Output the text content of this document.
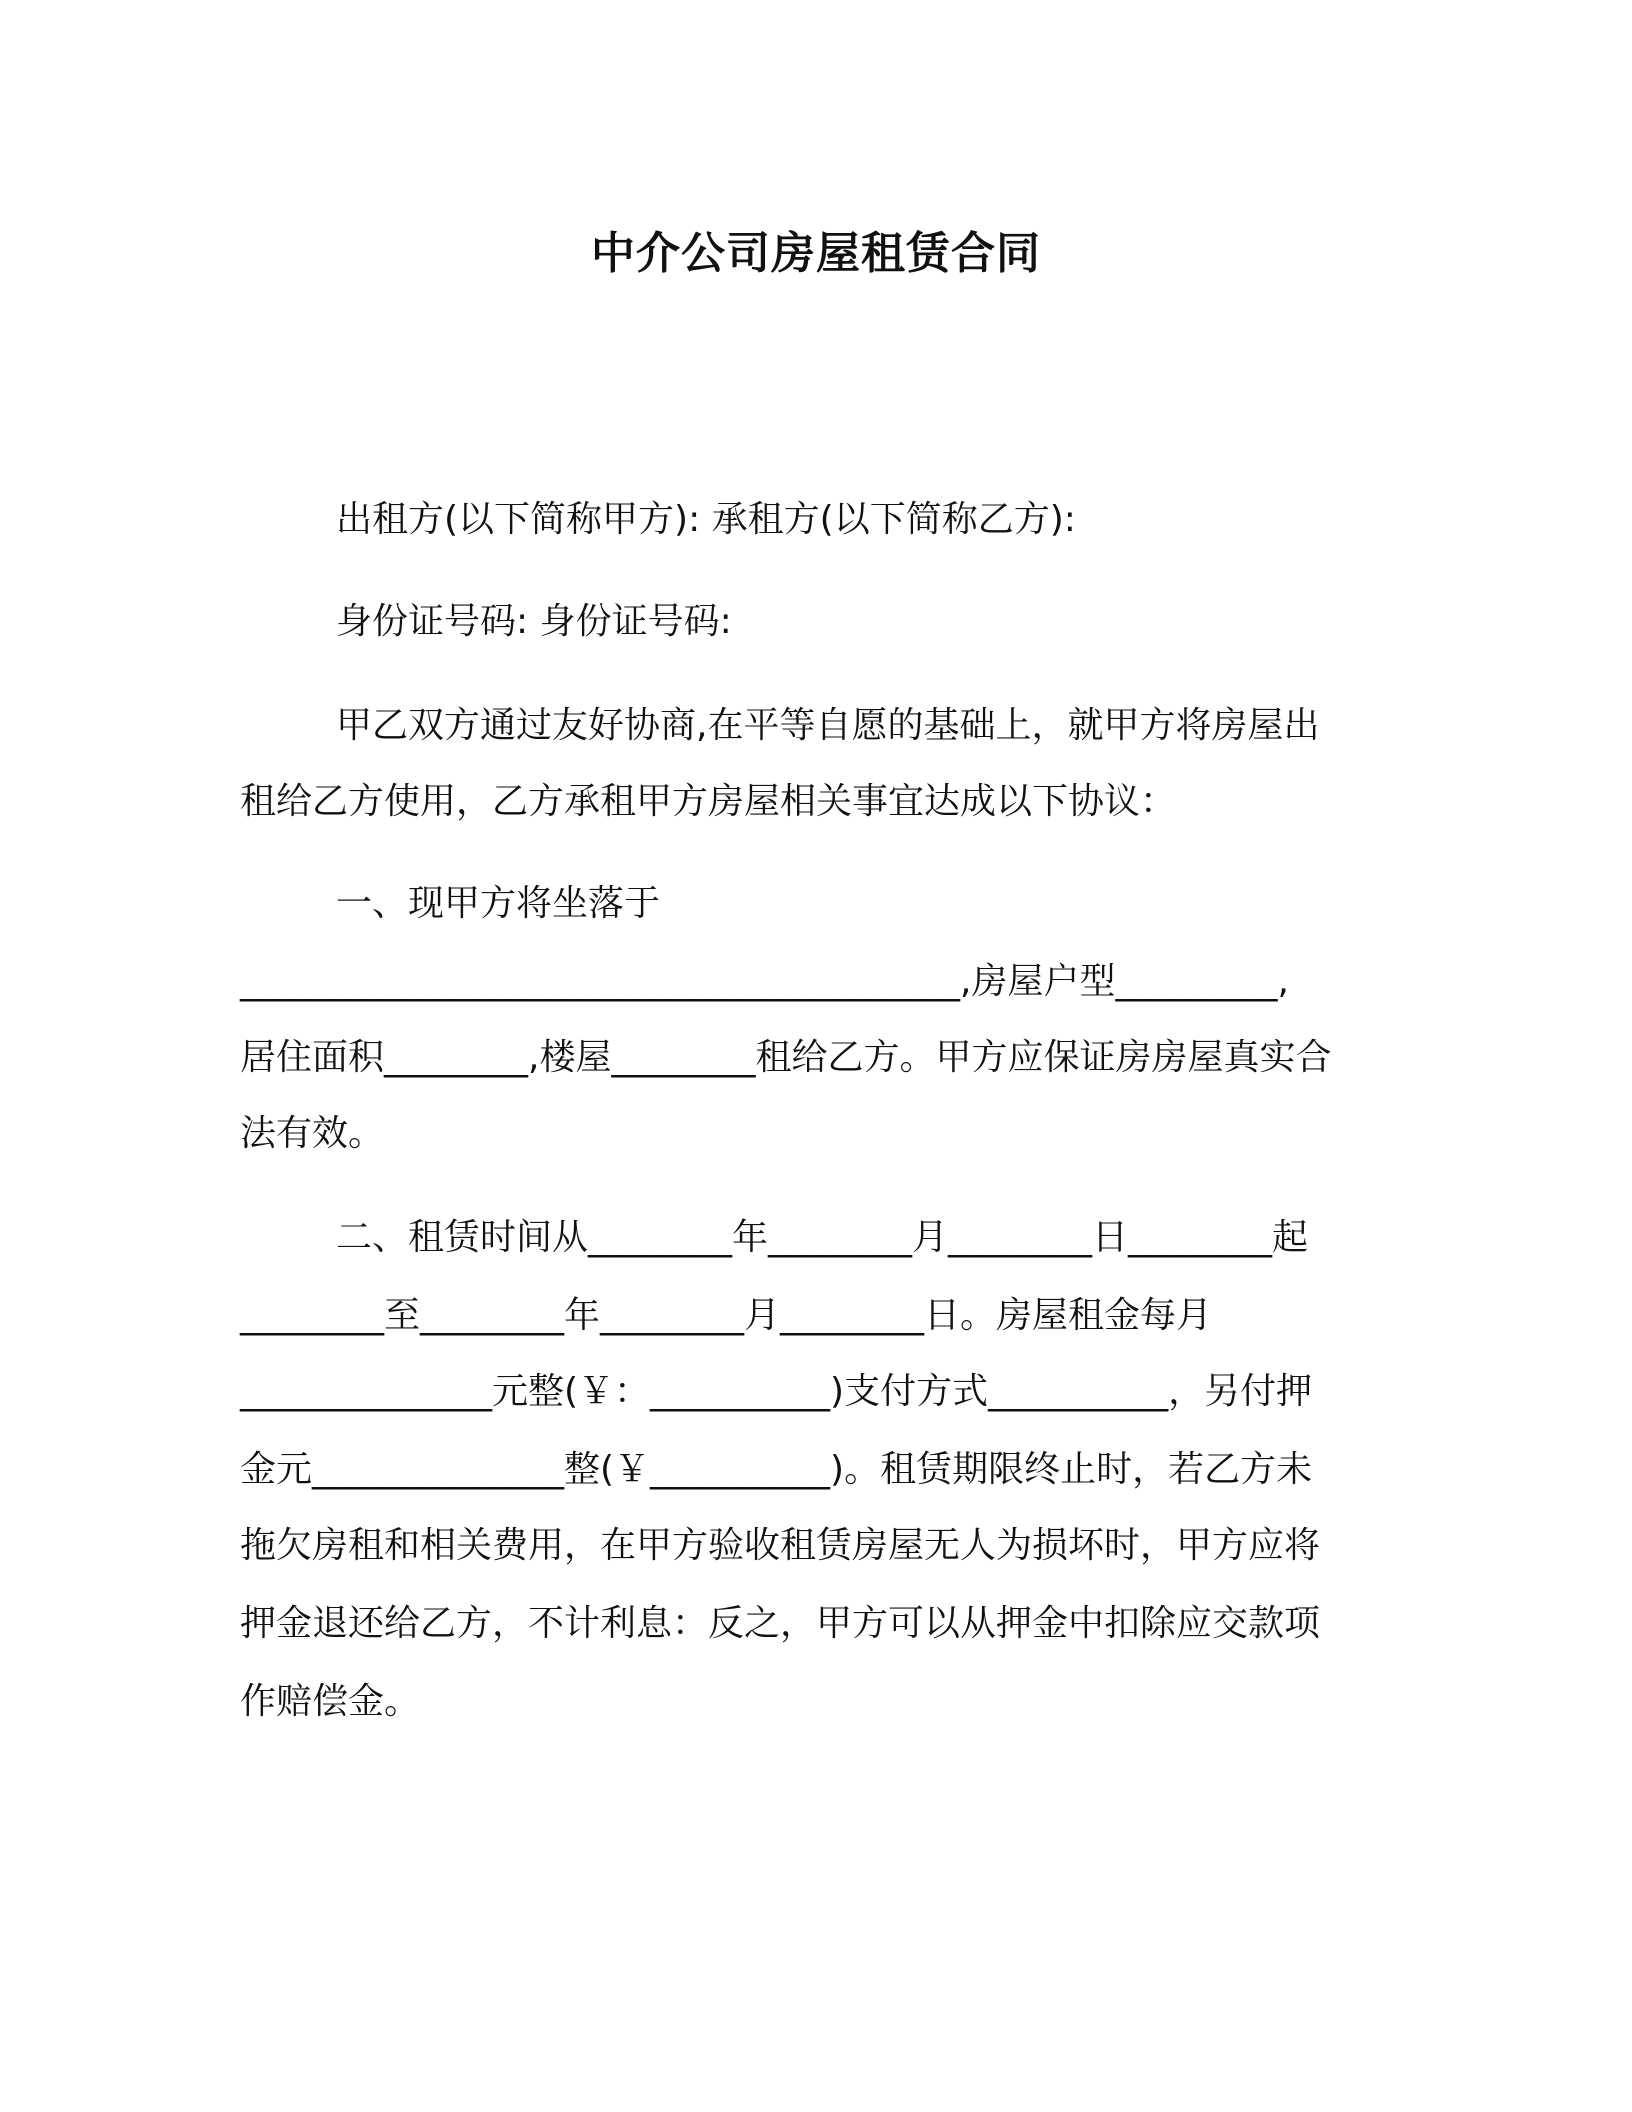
中介公司房屋租赁合同
出租方(以下简称甲方): 承租方(以下简称乙方):
身份证号码: 身份证号码:
甲乙双方通过友好协商,在平等自愿的基础上，就甲方将房屋出
租给乙方使用，乙方承租甲方房屋相关事宜达成以下协议：
一、现甲方将坐落于
________________________________________,房屋户型_________,
居住面积________,楼屋________租给乙方。甲方应保证房房屋真实合
法有效。
二、租赁时间从________年________月________日________起
________至________年________月________日。房屋租金每月
______________元整(￥：__________)支付方式__________，另付押
金元______________整(￥__________)。租赁期限终止时，若乙方未
拖欠房租和相关费用，在甲方验收租赁房屋无人为损坏时，甲方应将
押金退还给乙方，不计利息：反之，甲方可以从押金中扣除应交款项
作赔偿金。
